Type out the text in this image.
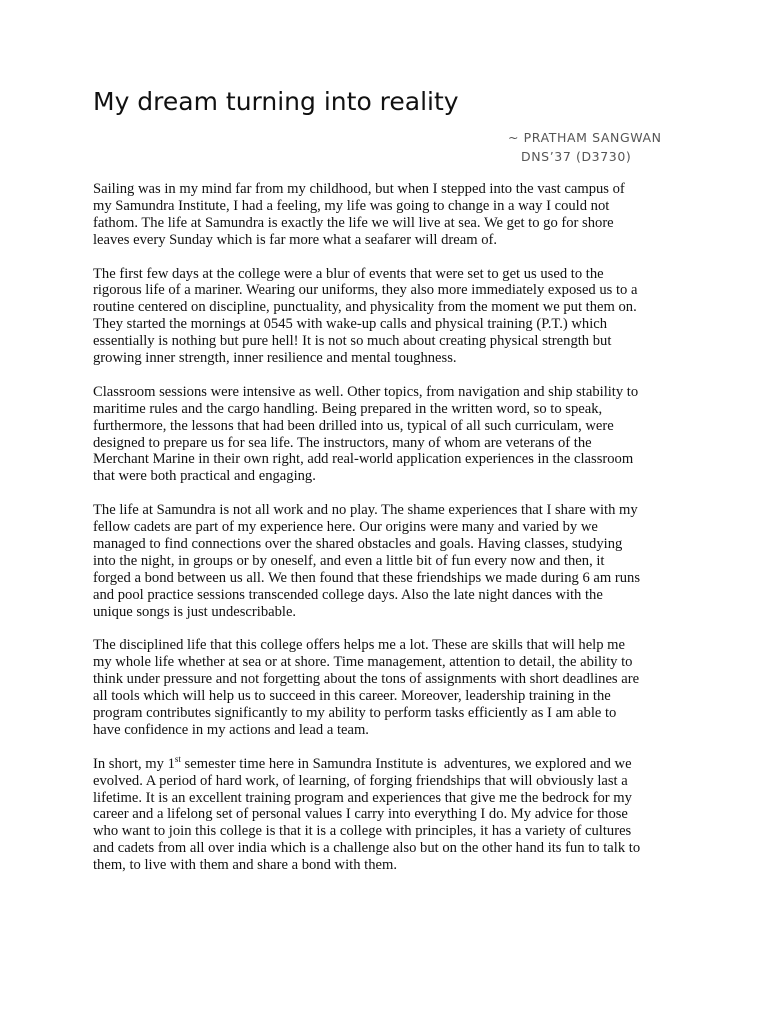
My dream turning into reality
~ PRATHAM SANGWAN
DNS’37 (D3730)

Sailing was in my mind far from my childhood, but when I stepped into the vast campus of
my Samundra Institute, I had a feeling, my life was going to change in a way I could not
fathom. The life at Samundra is exactly the life we will live at sea. We get to go for shore
leaves every Sunday which is far more what a seafarer will dream of.

The first few days at the college were a blur of events that were set to get us used to the
rigorous life of a mariner. Wearing our uniforms, they also more immediately exposed us to a
routine centered on discipline, punctuality, and physicality from the moment we put them on.
They started the mornings at 0545 with wake-up calls and physical training (P.T.) which
essentially is nothing but pure hell! It is not so much about creating physical strength but
growing inner strength, inner resilience and mental toughness.

Classroom sessions were intensive as well. Other topics, from navigation and ship stability to
maritime rules and the cargo handling. Being prepared in the written word, so to speak,
furthermore, the lessons that had been drilled into us, typical of all such curriculam, were
designed to prepare us for sea life. The instructors, many of whom are veterans of the
Merchant Marine in their own right, add real-world application experiences in the classroom
that were both practical and engaging.

The life at Samundra is not all work and no play. The shame experiences that I share with my
fellow cadets are part of my experience here. Our origins were many and varied by we
managed to find connections over the shared obstacles and goals. Having classes, studying
into the night, in groups or by oneself, and even a little bit of fun every now and then, it
forged a bond between us all. We then found that these friendships we made during 6 am runs
and pool practice sessions transcended college days. Also the late night dances with the
unique songs is just undescribable.

The disciplined life that this college offers helps me a lot. These are skills that will help me
my whole life whether at sea or at shore. Time management, attention to detail, the ability to
think under pressure and not forgetting about the tons of assignments with short deadlines are
all tools which will help us to succeed in this career. Moreover, leadership training in the
program contributes significantly to my ability to perform tasks efficiently as I am able to
have confidence in my actions and lead a team.

In short, my 1st semester time here in Samundra Institute is  adventures, we explored and we
evolved. A period of hard work, of learning, of forging friendships that will obviously last a
lifetime. It is an excellent training program and experiences that give me the bedrock for my
career and a lifelong set of personal values I carry into everything I do. My advice for those
who want to join this college is that it is a college with principles, it has a variety of cultures
and cadets from all over india which is a challenge also but on the other hand its fun to talk to
them, to live with them and share a bond with them.
